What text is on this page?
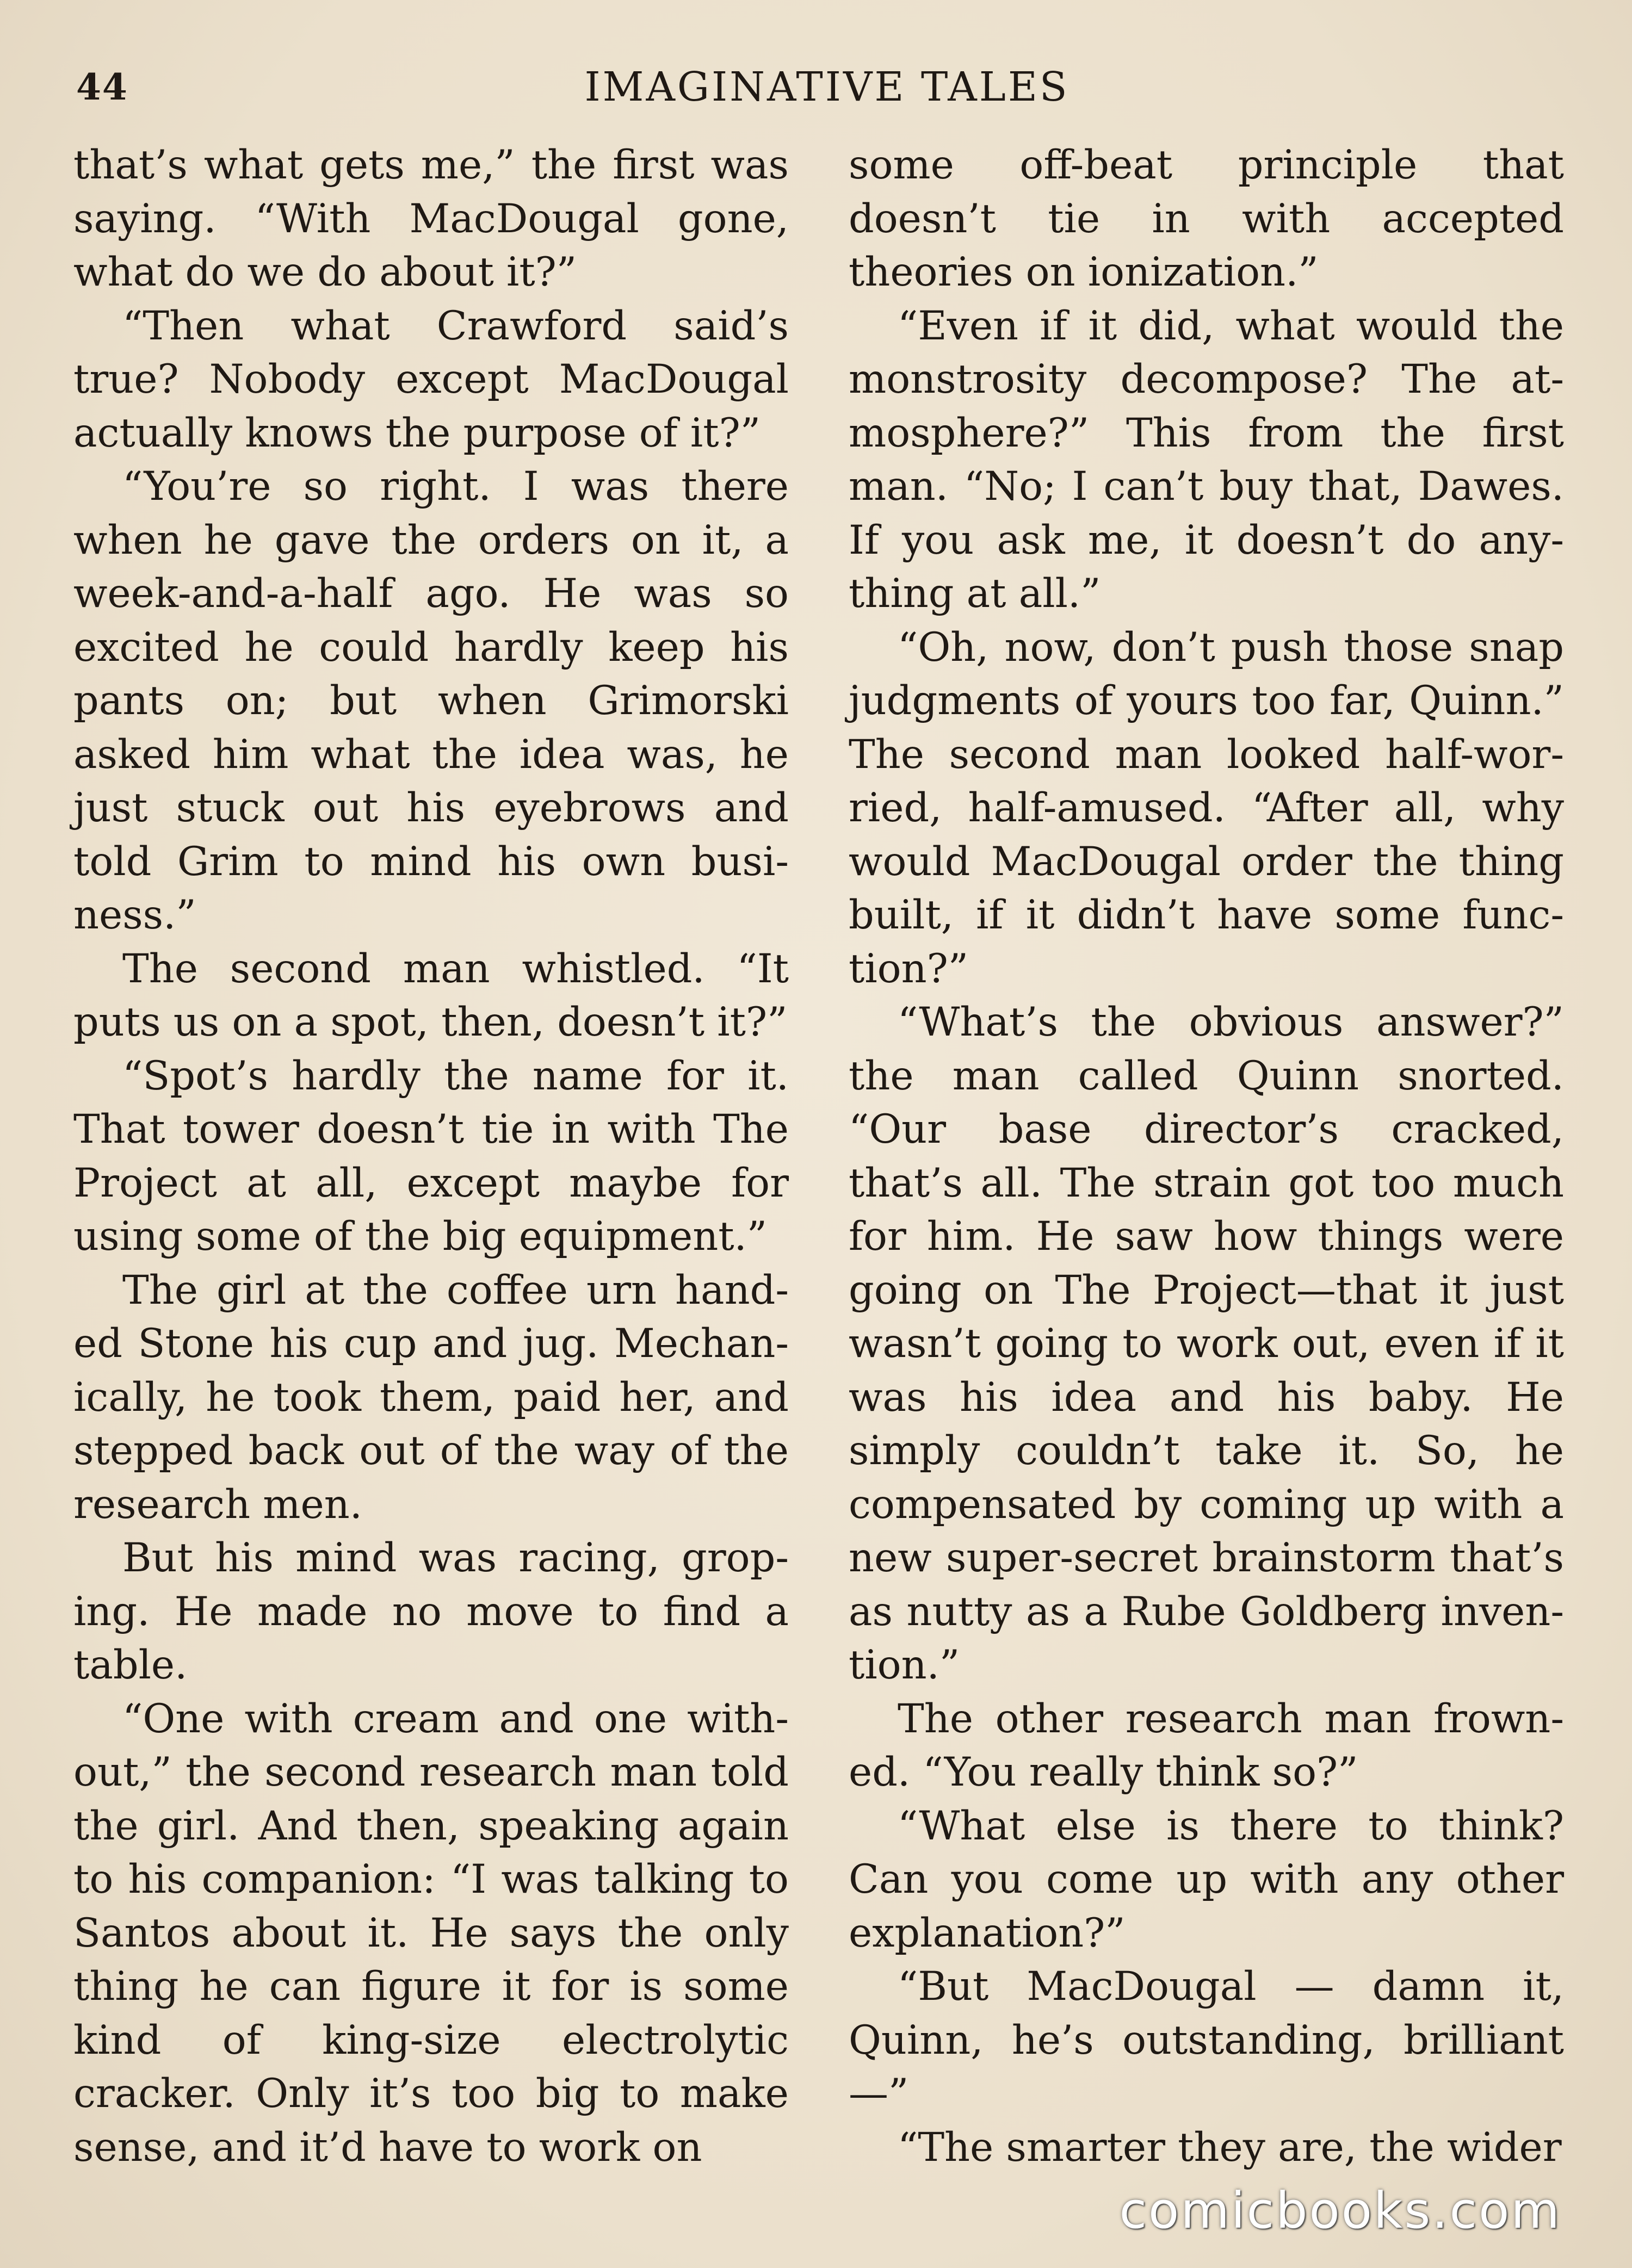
44	IMAGINATIVE TALES

that’s what gets me,” the first was saying. “With MacDougal gone, what do we do about it?”

“Then what Crawford said’s true? Nobody except MacDougal actually knows the purpose of it?”

“You’re so right. I was there when he gave the orders on it, a week-and-a-half ago. He was so excited he could hardly keep his pants on; but when Grimorski asked him what the idea was, he just stuck out his eyebrows and told Grim to mind his own business.”

The second man whistled. “It puts us on a spot, then, doesn’t it?”

“Spot’s hardly the name for it. That tower doesn’t tie in with The Project at all, except maybe for using some of the big equipment.”

The girl at the coffee urn handed Stone his cup and jug. Mechanically, he took them, paid her, and stepped back out of the way of the research men.

But his mind was racing, groping. He made no move to find a table.

“One with cream and one without,” the second research man told the girl. And then, speaking again to his companion: “I was talking to Santos about it. He says the only thing he can figure it for is some kind of king-size electrolytic cracker. Only it’s too big to make sense, and it’d have to work on

some off-beat principle that doesn’t tie in with accepted theories on ionization.”

“Even if it did, what would the monstrosity decompose? The atmosphere?” This from the first man. “No; I can’t buy that, Dawes. If you ask me, it doesn’t do anything at all.”

“Oh, now, don’t push those snap judgments of yours too far, Quinn.” The second man looked half-worried, half-amused. “After all, why would MacDougal order the thing built, if it didn’t have some function?”

“What’s the obvious answer?” the man called Quinn snorted. “Our base director’s cracked, that’s all. The strain got too much for him. He saw how things were going on The Project—that it just wasn’t going to work out, even if it was his idea and his baby. He simply couldn’t take it. So, he compensated by coming up with a new super-secret brainstorm that’s as nutty as a Rube Goldberg invention.”

The other research man frowned. “You really think so?”

“What else is there to think? Can you come up with any other explanation?”

“But MacDougal — damn it, Quinn, he’s outstanding, brilliant —”

“The smarter they are, the wider

comicbooks.com
